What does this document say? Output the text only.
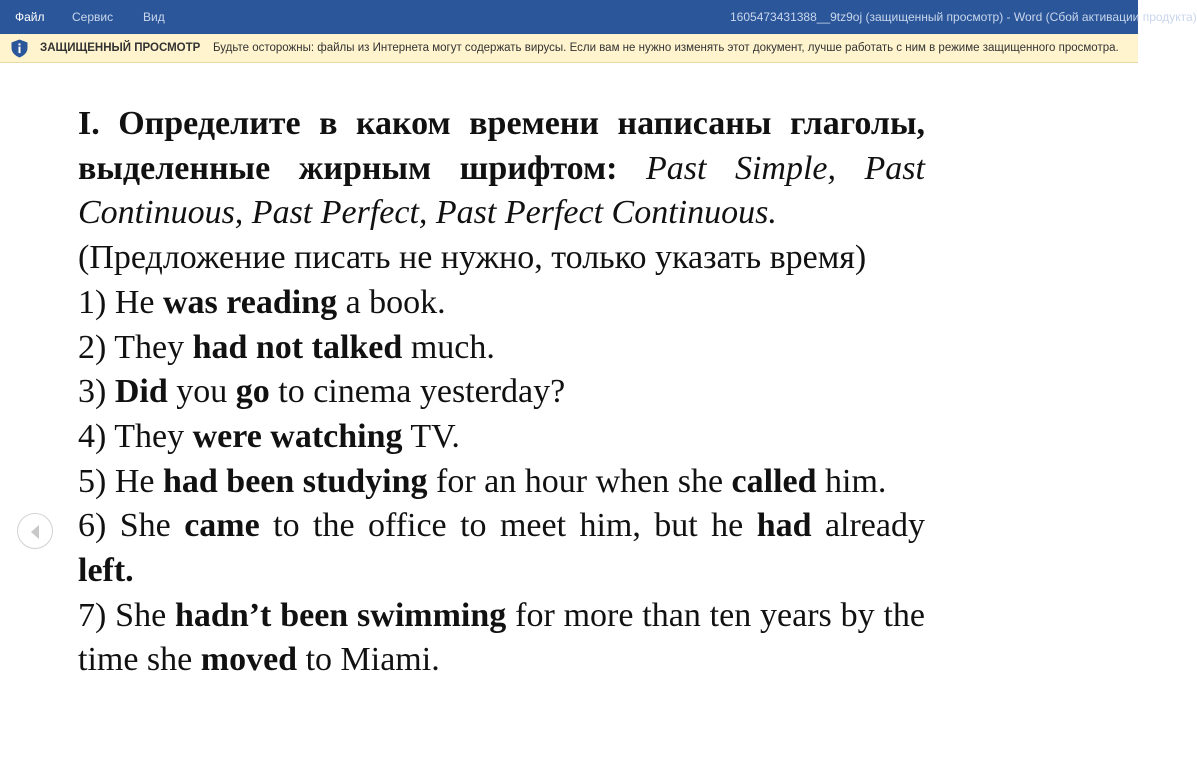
Файл Сервис Вид	1605473431388__9tz9oj (защищенный просмотр) - Word (Сбой активации продукта)
ЗАЩИЩЕННЫЙ ПРОСМОТР Будьте осторожны: файлы из Интернета могут содержать вирусы. Если вам не нужно изменять этот документ, лучше работать с ним в режиме защищенного просмотра.

I. Определите в каком времени написаны глаголы, выделенные жирным шрифтом: Past Simple, Past Continuous, Past Perfect, Past Perfect Continuous.

(Предложение писать не нужно, только указать время)

1) He was reading a book.

2) They had not talked much.

3) Did you go to cinema yesterday?

4) They were watching TV.

5) He had been studying for an hour when she called him.

6) She came to the office to meet him, but he had already left.

7) She hadn’t been swimming for more than ten years by the time she moved to Miami.
